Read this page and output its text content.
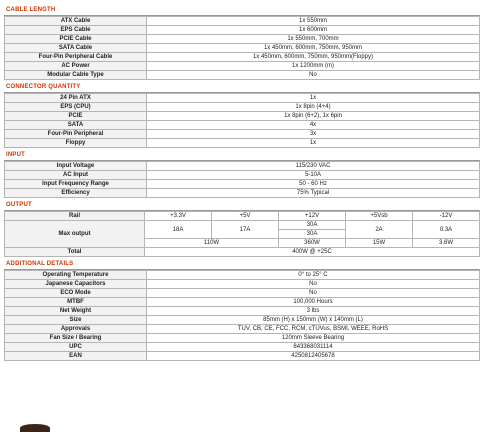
CABLE LENGTH
ATX Cable	1x 550mm
EPS Cable	1x 600mm
PCIE Cable	1x 550mm, 700mm
SATA Cable	1x 450mm, 600mm, 750mm, 950mm
Four-Pin Peripheral Cable	1x 450mm, 600mm, 750mm, 950mm(Floppy)
AC Power	1x 1200mm (m)
Modular Cable Type	No
CONNECTOR QUANTITY
24 Pin ATX	1x
EPS (CPU)	1x 8pin (4+4)
PCIE	1x 8pin (6+2), 1x 6pin
SATA	4x
Four-Pin Peripheral	3x
Floppy	1x
INPUT
Input Voltage	115/230 VAC
AC Input	5-10A
Input Frequency Range	50 - 60 Hz
Efficiency	75% Typical
OUTPUT
Rail	+3.3V	+5V	+12V	+5Vsb	-12V
Max output	18A	17A	30A	2A	0.3A
			30A		
	110W		360W	15W	3.6W
Total	400W @ +25C				
ADDITIONAL DETAILS
Operating Temperature	0° to 25° C
Japanese Capacitors	No
ECO Mode	No
MTBF	100,000 Hours
Net Weight	3 lbs
Size	85mm (H) x 150mm (W) x 140mm (L)
Approvals	TUV, CB, CE, FCC, RCM, cTUVus, BSMI, WEEE, RoHS
Fan Size / Bearing	120mm Sleeve Bearing
UPC	843368031114
EAN	4250812405678
